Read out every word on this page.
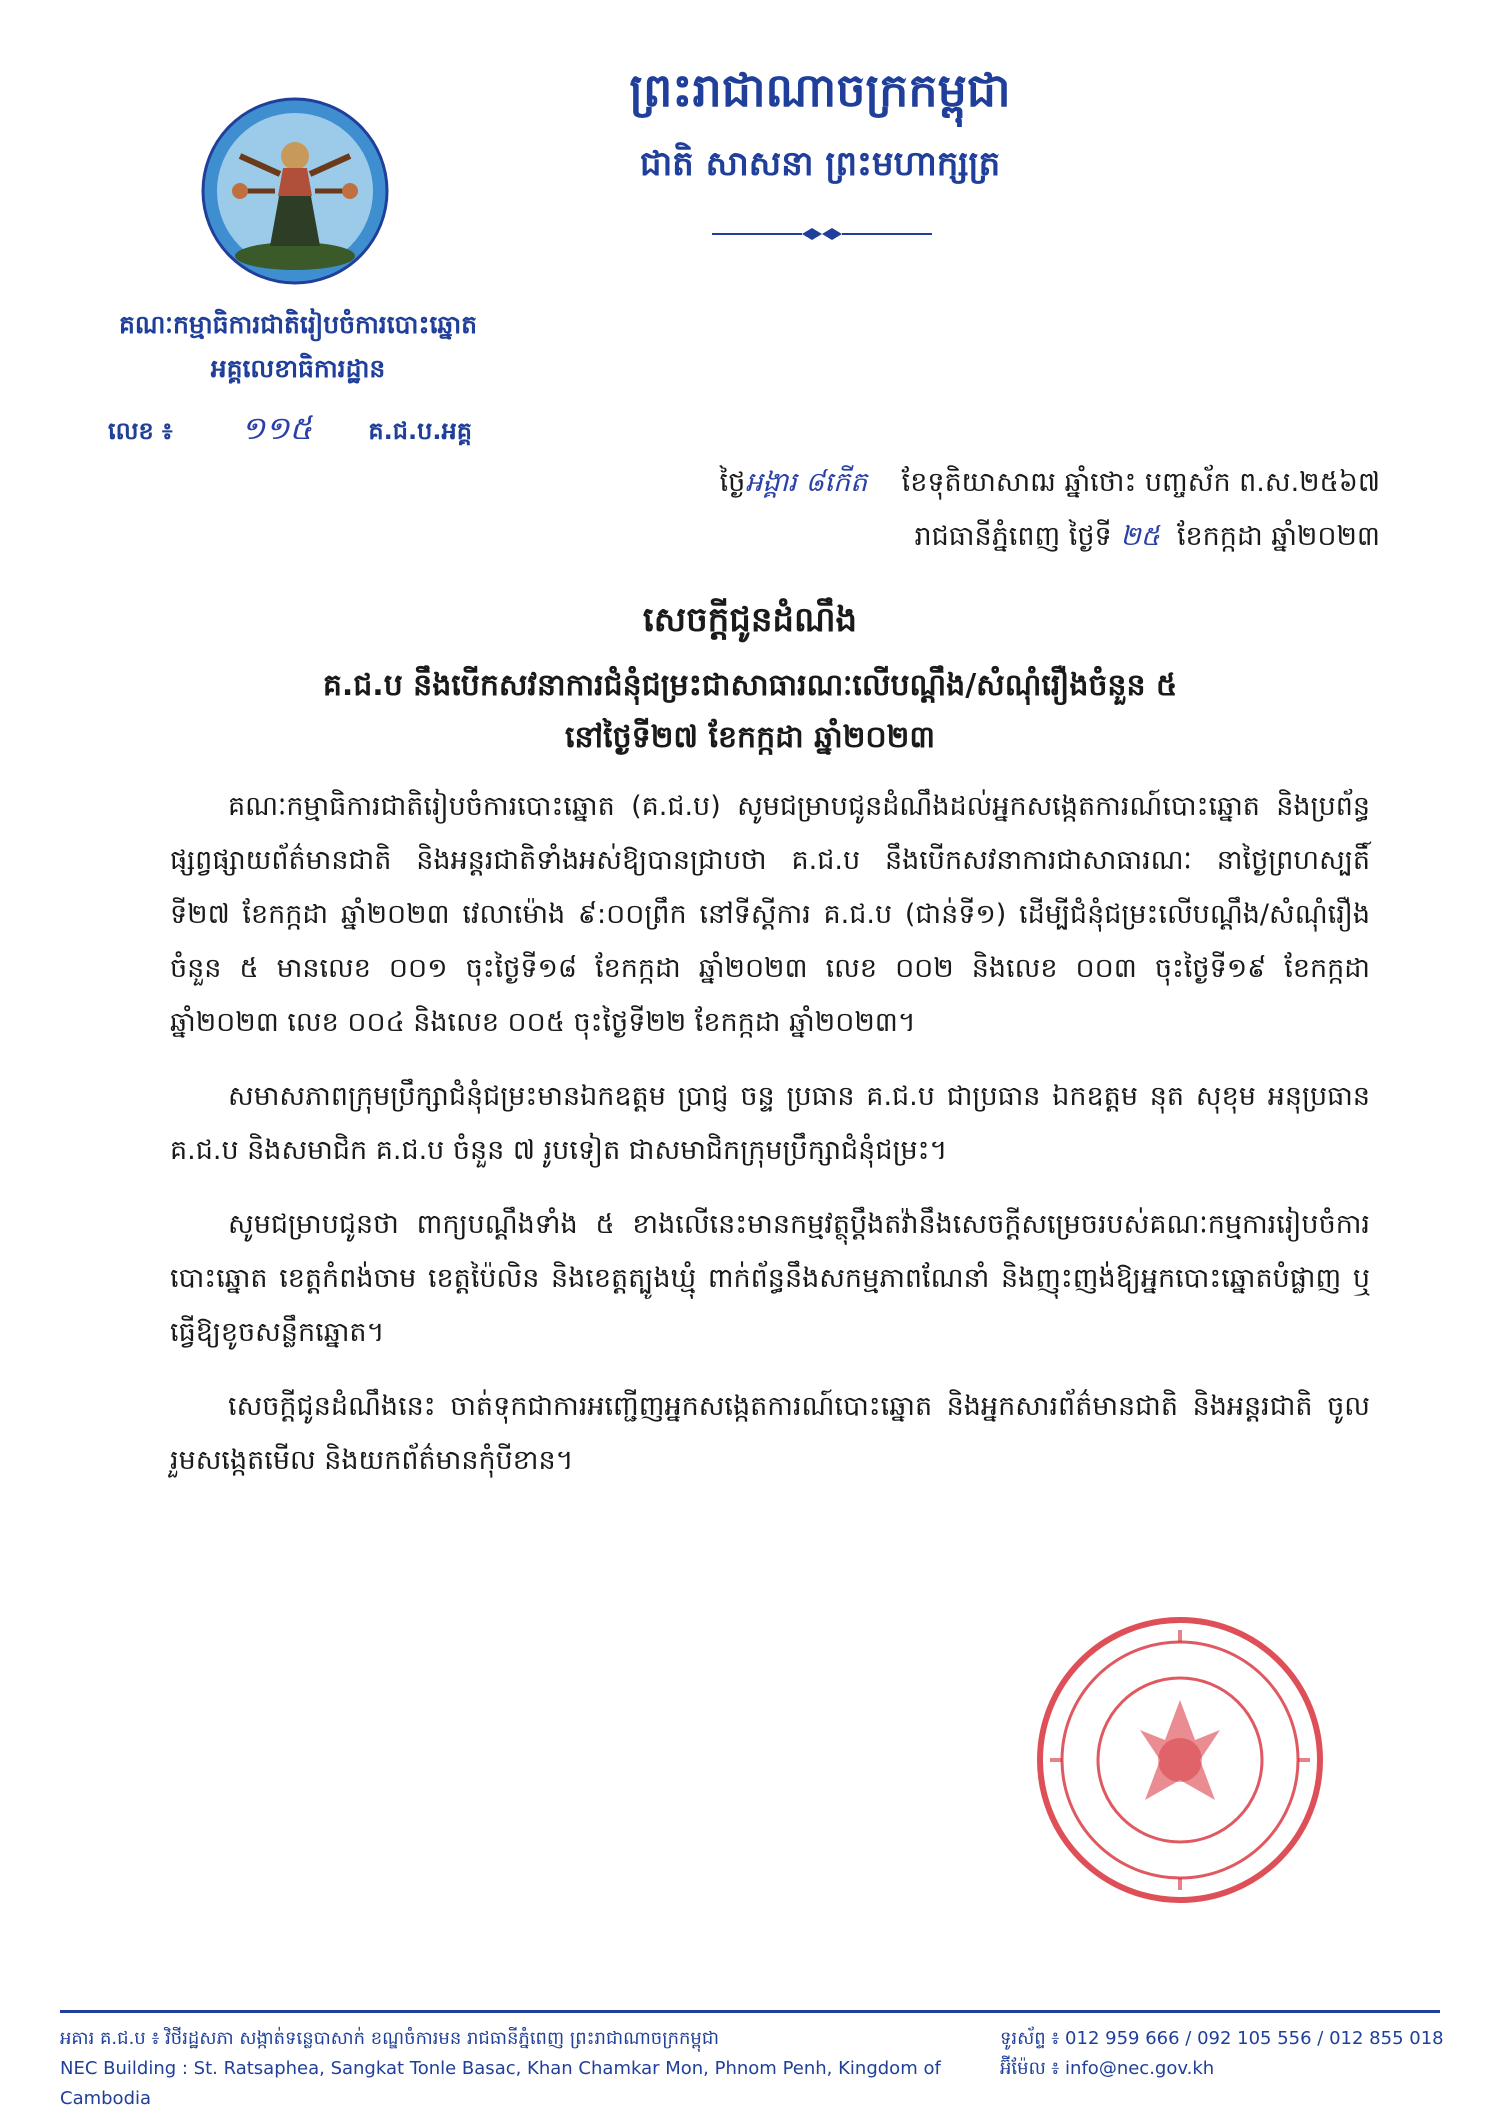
ព្រះរាជាណាចក្រកម្ពុជា
ជាតិ សាសនា ព្រះមហាក្សត្រ
គណៈកម្មាធិការជាតិរៀបចំការបោះឆ្នោត
អគ្គលេខាធិការដ្ឋាន
លេខ ៖ ១១៥ គ.ជ.ប.អគ្គ
ថ្ងៃអង្គារ ៨កើត ខែទុតិយាសាឍ ឆ្នាំថោះ បញ្ចស័ក ព.ស.២៥៦៧
រាជធានីភ្នំពេញ ថ្ងៃទី ២៥ ខែកក្កដា ឆ្នាំ២០២៣
សេចក្តីជូនដំណឹង
គ.ជ.ប នឹងបើកសវនាការជំនុំជម្រះជាសាធារណៈលើបណ្តឹង/សំណុំរឿងចំនួន ៥
នៅថ្ងៃទី២៧ ខែកក្កដា ឆ្នាំ២០២៣

គណៈកម្មាធិការជាតិរៀបចំការបោះឆ្នោត (គ.ជ.ប) សូមជម្រាបជូនដំណឹងដល់អ្នកសង្កេតការណ៍បោះឆ្នោត និងប្រព័ន្ធផ្សព្វផ្សាយព័ត៌មានជាតិ និងអន្តរជាតិទាំងអស់ឱ្យបានជ្រាបថា គ.ជ.ប នឹងបើកសវនាការជាសាធារណៈ នាថ្ងៃព្រហស្បតិ៍ ទី២៧ ខែកក្កដា ឆ្នាំ២០២៣ វេលាម៉ោង ៩:០០ព្រឹក នៅទីស្តីការ គ.ជ.ប (ជាន់ទី១) ដើម្បីជំនុំជម្រះលើបណ្តឹង/សំណុំរឿង ចំនួន ៥ មានលេខ ០០១ ចុះថ្ងៃទី១៨ ខែកក្កដា ឆ្នាំ២០២៣ លេខ ០០២ និងលេខ ០០៣ ចុះថ្ងៃទី១៩ ខែកក្កដា ឆ្នាំ២០២៣ លេខ ០០៤ និងលេខ ០០៥ ចុះថ្ងៃទី២២ ខែកក្កដា ឆ្នាំ២០២៣។

សមាសភាពក្រុមប្រឹក្សាជំនុំជម្រះមានឯកឧត្តម ប្រាជ្ញ ចន្ទ ប្រធាន គ.ជ.ប ជាប្រធាន ឯកឧត្តម នុត សុខុម អនុប្រធាន គ.ជ.ប និងសមាជិក គ.ជ.ប ចំនួន ៧ រូបទៀត ជាសមាជិកក្រុមប្រឹក្សាជំនុំជម្រះ។

សូមជម្រាបជូនថា ពាក្យបណ្តឹងទាំង ៥ ខាងលើនេះមានកម្មវត្ថុប្តឹងតវ៉ានឹងសេចក្តីសម្រេចរបស់គណៈកម្មការរៀបចំការបោះឆ្នោត ខេត្តកំពង់ចាម ខេត្តប៉ៃលិន និងខេត្តត្បូងឃ្មុំ ពាក់ព័ន្ធនឹងសកម្មភាពណែនាំ និងញុះញង់ឱ្យអ្នកបោះឆ្នោតបំផ្លាញ ឬធ្វើឱ្យខូចសន្លឹកឆ្នោត។

សេចក្តីជូនដំណឹងនេះ ចាត់ទុកជាការអញ្ជើញអ្នកសង្កេតការណ៍បោះឆ្នោត និងអ្នកសារព័ត៌មានជាតិ និងអន្តរជាតិ ចូលរួមសង្កេតមើល និងយកព័ត៌មានកុំបីខាន។

អគារ គ.ជ.ប ៖ វិថីរដ្ឋសភា សង្កាត់ទន្លេបាសាក់ ខណ្ឌចំការមន រាជធានីភ្នំពេញ ព្រះរាជាណាចក្រកម្ពុជា
NEC Building : St. Ratsaphea, Sangkat Tonle Basac, Khan Chamkar Mon, Phnom Penh, Kingdom of Cambodia
ទូរស័ព្ទ ៖ 012 959 666 / 092 105 556 / 012 855 018
អ៊ីម៉ែល ៖ info@nec.gov.kh
